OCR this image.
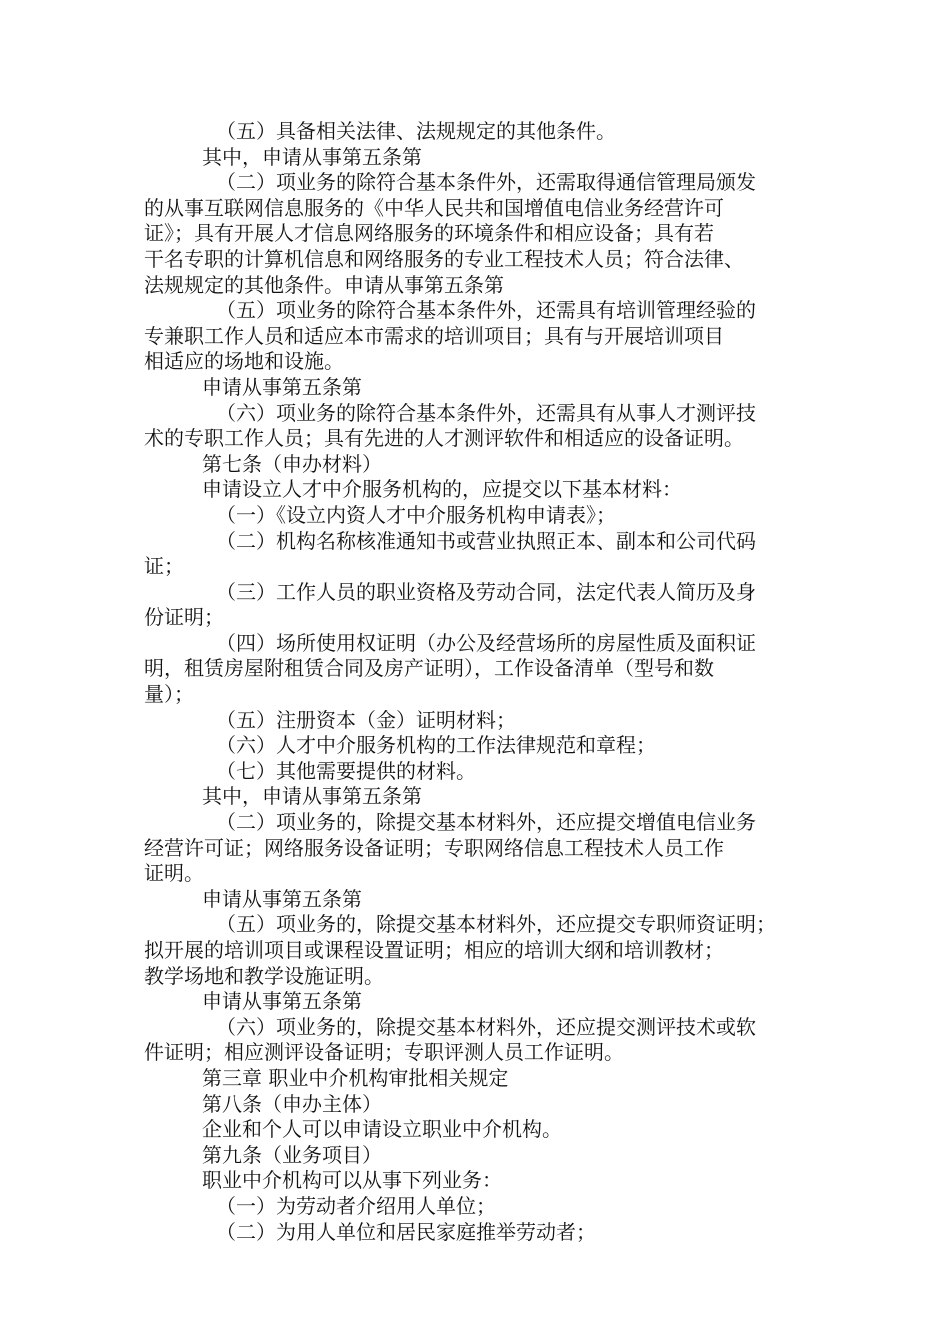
（五）具备相关法律、法规规定的其他条件。
其中，申请从事第五条第
（二）项业务的除符合基本条件外，还需取得通信管理局颁发
的从事互联网信息服务的《中华人民共和国增值电信业务经营许可
证》；具有开展人才信息网络服务的环境条件和相应设备；具有若
干名专职的计算机信息和网络服务的专业工程技术人员；符合法律、
法规规定的其他条件。申请从事第五条第
（五）项业务的除符合基本条件外，还需具有培训管理经验的
专兼职工作人员和适应本市需求的培训项目；具有与开展培训项目
相适应的场地和设施。
申请从事第五条第
（六）项业务的除符合基本条件外，还需具有从事人才测评技
术的专职工作人员；具有先进的人才测评软件和相适应的设备证明。
第七条（申办材料）
申请设立人才中介服务机构的，应提交以下基本材料：
（一）《设立内资人才中介服务机构申请表》；
（二）机构名称核准通知书或营业执照正本、副本和公司代码
证；
（三）工作人员的职业资格及劳动合同，法定代表人简历及身
份证明；
（四）场所使用权证明（办公及经营场所的房屋性质及面积证
明，租赁房屋附租赁合同及房产证明），工作设备清单（型号和数
量）；
（五）注册资本（金）证明材料；
（六）人才中介服务机构的工作法律规范和章程；
（七）其他需要提供的材料。
其中，申请从事第五条第
（二）项业务的，除提交基本材料外，还应提交增值电信业务
经营许可证；网络服务设备证明；专职网络信息工程技术人员工作
证明。
申请从事第五条第
（五）项业务的，除提交基本材料外，还应提交专职师资证明；
拟开展的培训项目或课程设置证明；相应的培训大纲和培训教材；
教学场地和教学设施证明。
申请从事第五条第
（六）项业务的，除提交基本材料外，还应提交测评技术或软
件证明；相应测评设备证明；专职评测人员工作证明。
第三章 职业中介机构审批相关规定
第八条（申办主体）
企业和个人可以申请设立职业中介机构。
第九条（业务项目）
职业中介机构可以从事下列业务：
（一）为劳动者介绍用人单位；
（二）为用人单位和居民家庭推举劳动者；
